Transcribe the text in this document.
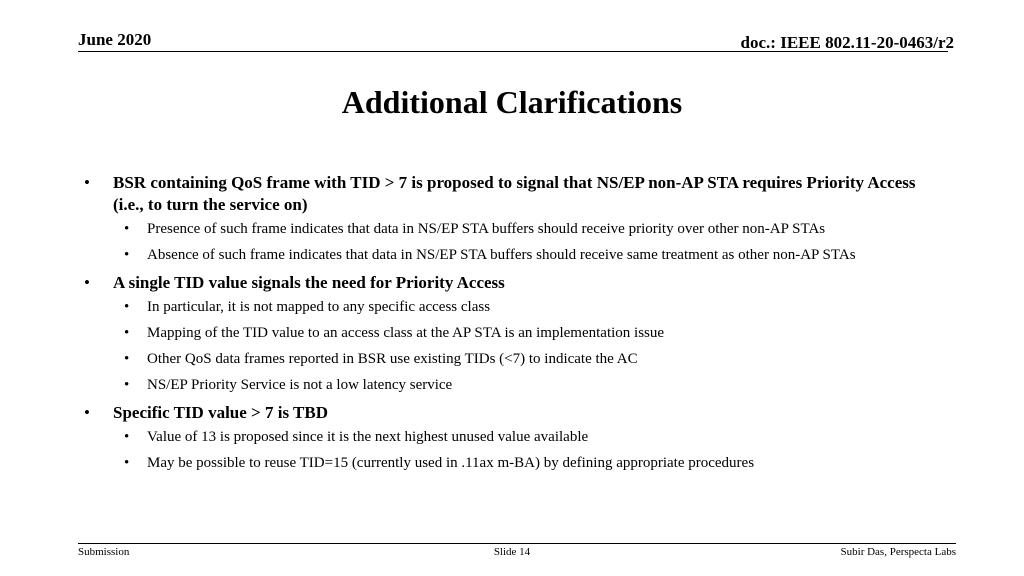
June 2020	doc.: IEEE 802.11-20-0463/r2
Additional Clarifications
• BSR containing QoS frame with TID > 7 is proposed to signal that NS/EP non-AP STA requires Priority Access (i.e., to turn the service on)
• Presence of such frame indicates that data in NS/EP STA buffers should receive priority over other non-AP STAs
• Absence of such frame indicates that data in NS/EP STA buffers should receive same treatment as other non-AP STAs
• A single TID value signals the need for Priority Access
• In particular, it is not mapped to any specific access class
• Mapping of the TID value to an access class at the AP STA is an implementation issue
• Other QoS data frames reported in BSR use existing TIDs (<7) to indicate the AC
• NS/EP Priority Service is not a low latency service
• Specific TID value > 7 is TBD
• Value of 13 is proposed since it is the next highest unused value available
• May be possible to reuse TID=15 (currently used in .11ax m-BA) by defining appropriate procedures
Submission	Slide 14	Subir Das, Perspecta Labs
